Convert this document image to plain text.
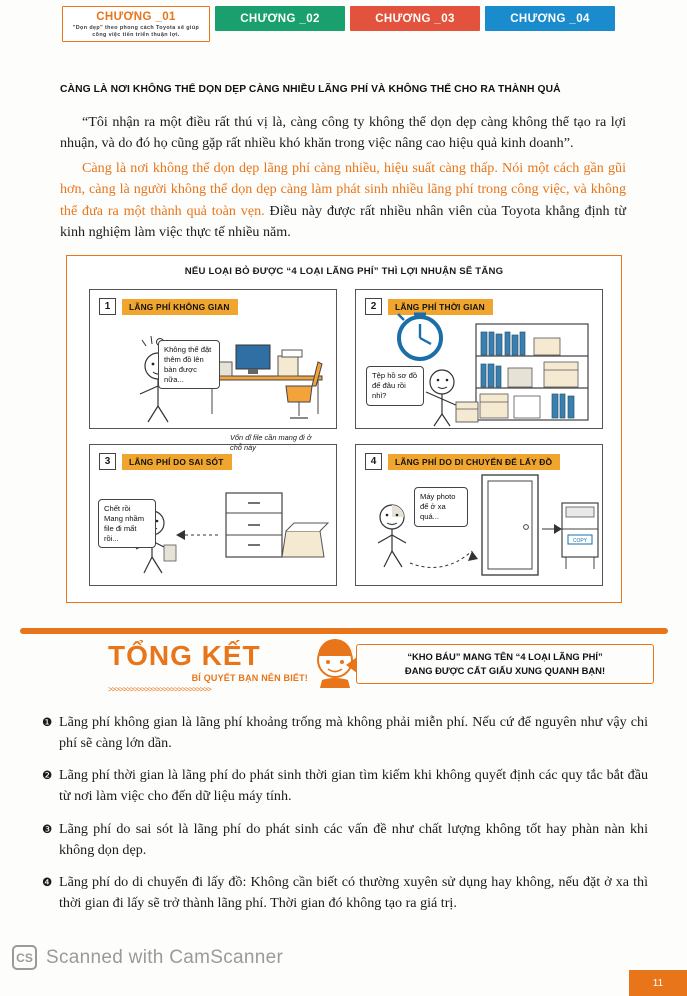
CHƯƠNG _01
"Dọn dẹp" theo phong cách Toyota sẽ giúp công việc tiến triển thuận lợi.
CHƯƠNG _02	CHƯƠNG _03	CHƯƠNG _04
CÀNG LÀ NƠI KHÔNG THỂ DỌN DẸP CÀNG NHIỀU LÃNG PHÍ VÀ KHÔNG THỂ CHO RA THÀNH QUẢ
“Tôi nhận ra một điều rất thú vị là, càng công ty không thể dọn dẹp càng không thể tạo ra lợi nhuận, và do đó họ cũng gặp rất nhiều khó khăn trong việc nâng cao hiệu quả kinh doanh”.
Càng là nơi không thể dọn dẹp lãng phí càng nhiều, hiệu suất càng thấp. Nói một cách gần gũi hơn, càng là người không thể dọn dẹp càng làm phát sinh nhiều lãng phí trong công việc, và không thể đưa ra một thành quả toàn vẹn. Điều này được rất nhiều nhân viên của Toyota khẳng định từ kinh nghiệm làm việc thực tế nhiều năm.
NẾU LOẠI BỎ ĐƯỢC “4 LOẠI LÃNG PHÍ” THÌ LỢI NHUẬN SẼ TĂNG
1	LÃNG PHÍ KHÔNG GIAN
Không thể đặt thêm đồ lên bàn được nữa...
2	LÃNG PHÍ THỜI GIAN
Tệp hồ sơ đồ để đâu rồi nhỉ?
3	LÃNG PHÍ DO SAI SÓT
Vốn dĩ file cần mang đi ở chỗ này
Chết rồi Mang nhầm file đi mất rồi...
4	LÃNG PHÍ DO DI CHUYỂN ĐỂ LẤY ĐỒ
COPY
Máy photo để ở xa quá...
TỔNG KẾT
BÍ QUYẾT BẠN NÊN BIẾT!
>>>>>>>>>>>>>>>>>>>>>>>>>>>>
“KHO BÁU” MANG TÊN “4 LOẠI LÃNG PHÍ”
ĐANG ĐƯỢC CẤT GIẤU XUNG QUANH BẠN!
❶ Lãng phí không gian là lãng phí khoảng trống mà không phải miễn phí. Nếu cứ để nguyên như vậy chi phí sẽ càng lớn dần.
❷ Lãng phí thời gian là lãng phí do phát sinh thời gian tìm kiếm khi không quyết định các quy tắc bắt đầu từ nơi làm việc cho đến dữ liệu máy tính.
❸ Lãng phí do sai sót là lãng phí do phát sinh các vấn đề như chất lượng không tốt hay phàn nàn khi không dọn dẹp.
❹ Lãng phí do di chuyển đi lấy đồ: Không cần biết có thường xuyên sử dụng hay không, nếu đặt ở xa thì thời gian đi lấy sẽ trở thành lãng phí. Thời gian đó không tạo ra giá trị.
CS Scanned with CamScanner
11
